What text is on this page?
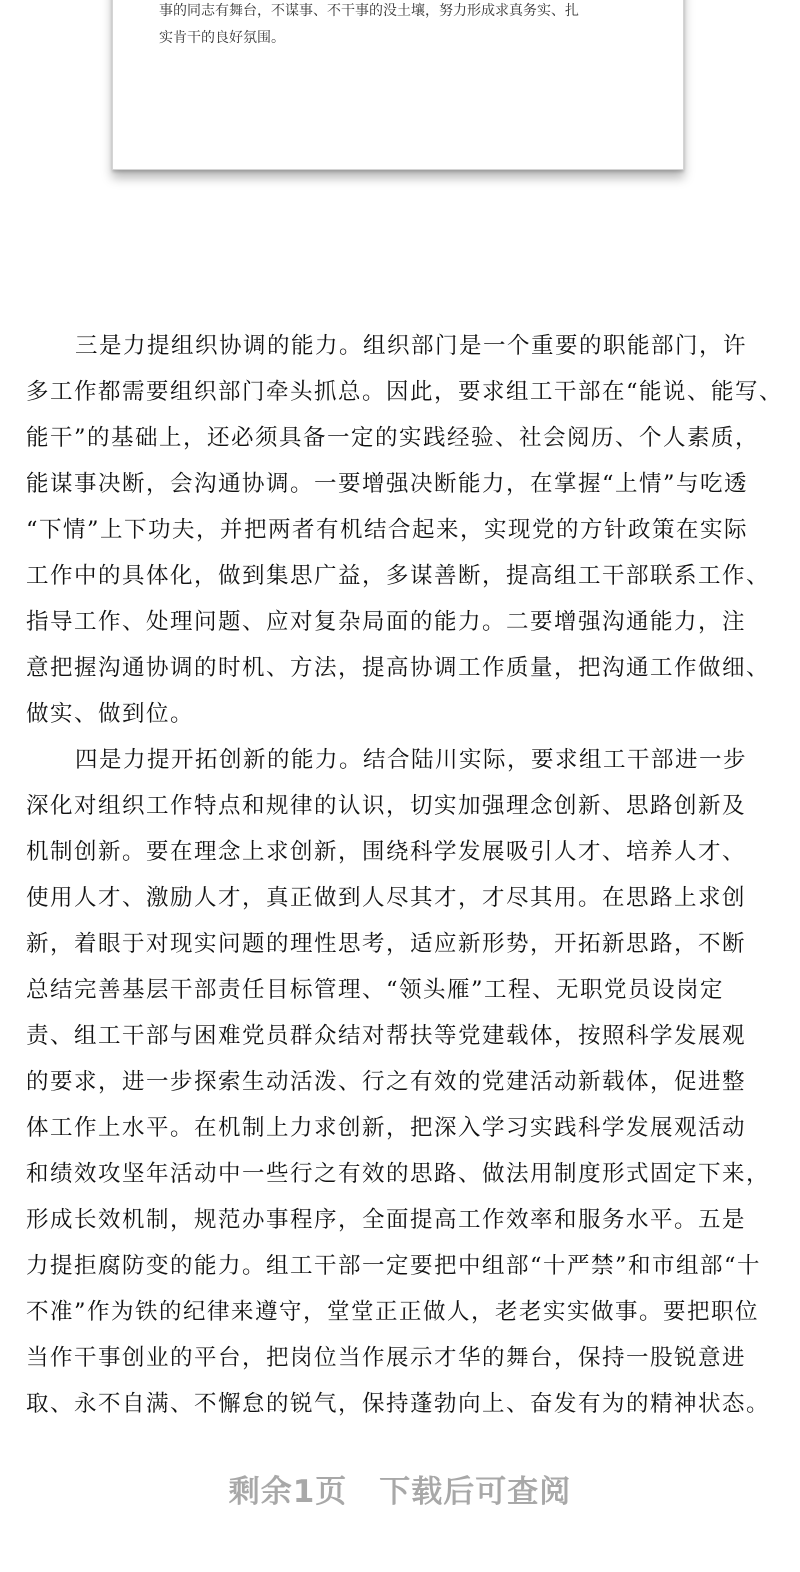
事的同志有舞台，不谋事、不干事的没土壤，努力形成求真务实、扎
实肯干的良好氛围。
三是力提组织协调的能力。组织部门是一个重要的职能部门，许
多工作都需要组织部门牵头抓总。因此，要求组工干部在“能说、能写、
能干”的基础上，还必须具备一定的实践经验、社会阅历、个人素质，
能谋事决断，会沟通协调。一要增强决断能力，在掌握“上情”与吃透
“下情”上下功夫，并把两者有机结合起来，实现党的方针政策在实际
工作中的具体化，做到集思广益，多谋善断，提高组工干部联系工作、
指导工作、处理问题、应对复杂局面的能力。二要增强沟通能力，注
意把握沟通协调的时机、方法，提高协调工作质量，把沟通工作做细、
做实、做到位。
四是力提开拓创新的能力。结合陆川实际，要求组工干部进一步
深化对组织工作特点和规律的认识，切实加强理念创新、思路创新及
机制创新。要在理念上求创新，围绕科学发展吸引人才、培养人才、
使用人才、激励人才，真正做到人尽其才，才尽其用。在思路上求创
新，着眼于对现实问题的理性思考，适应新形势，开拓新思路，不断
总结完善基层干部责任目标管理、“领头雁”工程、无职党员设岗定
责、组工干部与困难党员群众结对帮扶等党建载体，按照科学发展观
的要求，进一步探索生动活泼、行之有效的党建活动新载体，促进整
体工作上水平。在机制上力求创新，把深入学习实践科学发展观活动
和绩效攻坚年活动中一些行之有效的思路、做法用制度形式固定下来，
形成长效机制，规范办事程序，全面提高工作效率和服务水平。五是
力提拒腐防变的能力。组工干部一定要把中组部“十严禁”和市组部“十
不准”作为铁的纪律来遵守，堂堂正正做人，老老实实做事。要把职位
当作干事创业的平台，把岗位当作展示才华的舞台，保持一股锐意进
取、永不自满、不懈怠的锐气，保持蓬勃向上、奋发有为的精神状态。
剩余1页 下载后可查阅
